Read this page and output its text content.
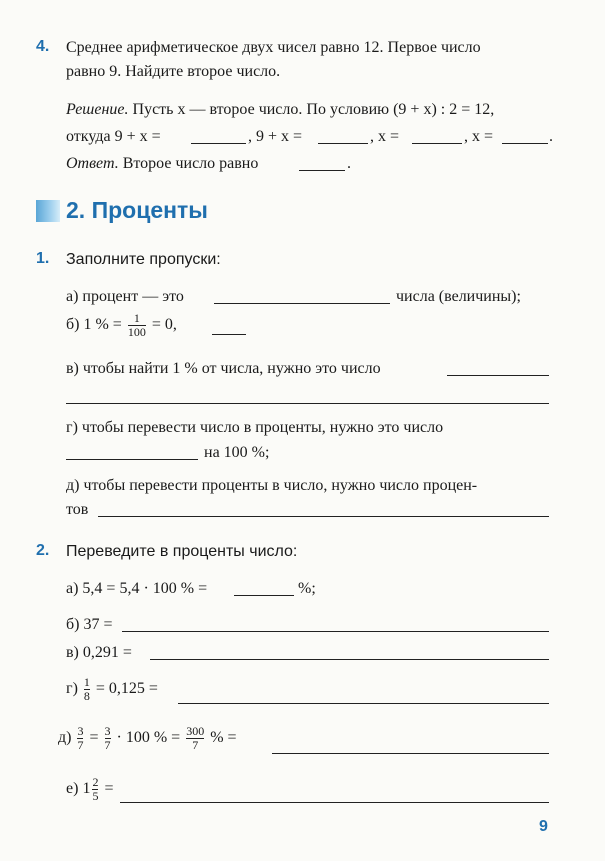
4. Среднее арифметическое двух чисел равно 12. Первое число
равно 9. Найдите второе число.
Решение. Пусть x — второе число. По условию (9 + x) : 2 = 12,
откуда 9 + x =	, 9 + x =	, x =	, x =	.
Ответ. Второе число равно	.
2. Проценты
1. Заполните пропуски:
а) процент — это	числа (величины);
б) 1 % = $\frac{1}{100} = 0$,
в) чтобы найти 1 % от числа, нужно это число
г) чтобы перевести число в проценты, нужно это число
на 100 %;
д) чтобы перевести проценты в число, нужно число процен-
тов
2. Переведите в проценты число:
а) 5,4 = 5,4 · 100 % =	%;
б) 37 =
в) 0,291 =
$г) \frac{1}{8} = 0,125$ =
$д) \frac{3}{7} = \frac{3}{7} \cdot 100$ % = $\frac{300}{7}$ % =
е) $1 \frac{2}{5}$ =
9
